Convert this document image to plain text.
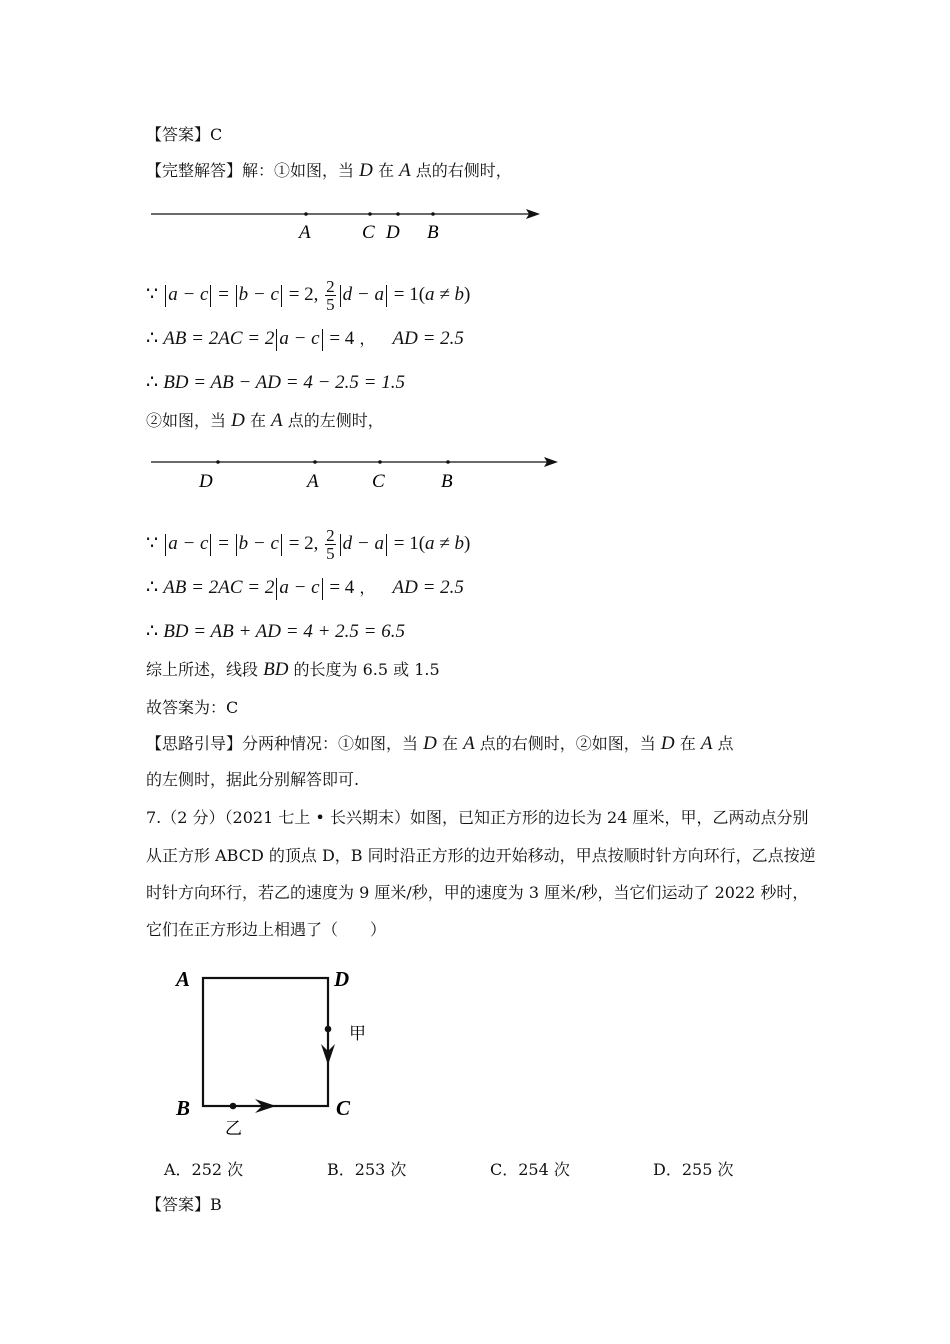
【答案】C
【完整解答】解：①如图，当 D 在 A 点的右侧时，
A	C D B
∵ a − c = b − c = 2, $\frac{2}{5}$ d − a = 1(a ≠ b)
∴ AB = 2AC = 2 a − c = 4 ， AD = 2.5
∴ BD = AB − AD = 4 − 2.5 = 1.5
②如图，当 D 在 A 点的左侧时，
D	A	C	B
∵ a − c = b − c = 2, $\frac{2}{5}$ d − a = 1(a ≠ b)
∴ AB = 2AC = 2 a − c = 4 ， AD = 2.5
∴ BD = AB + AD = 4 + 2.5 = 6.5
综上所述，线段 BD 的长度为 6.5 或 1.5
故答案为：C
【思路引导】分两种情况：①如图，当 D 在 A 点的右侧时，②如图，当 D 在 A 点
的左侧时，据此分别解答即可.
7.（2 分）（2021 七上 • 长兴期末）如图，已知正方形的边长为 24 厘米，甲，乙两动点分别
从正方形 ABCD 的顶点 D，B 同时沿正方形的边开始移动，甲点按顺时针方向环行，乙点按逆
时针方向环行，若乙的速度为 9 厘米/秒，甲的速度为 3 厘米/秒，当它们运动了 2022 秒时，
它们在正方形边上相遇了（　　）
A	D
B	C
甲
乙
A．252 次	B．253 次	C．254 次	D．255 次
【答案】B
